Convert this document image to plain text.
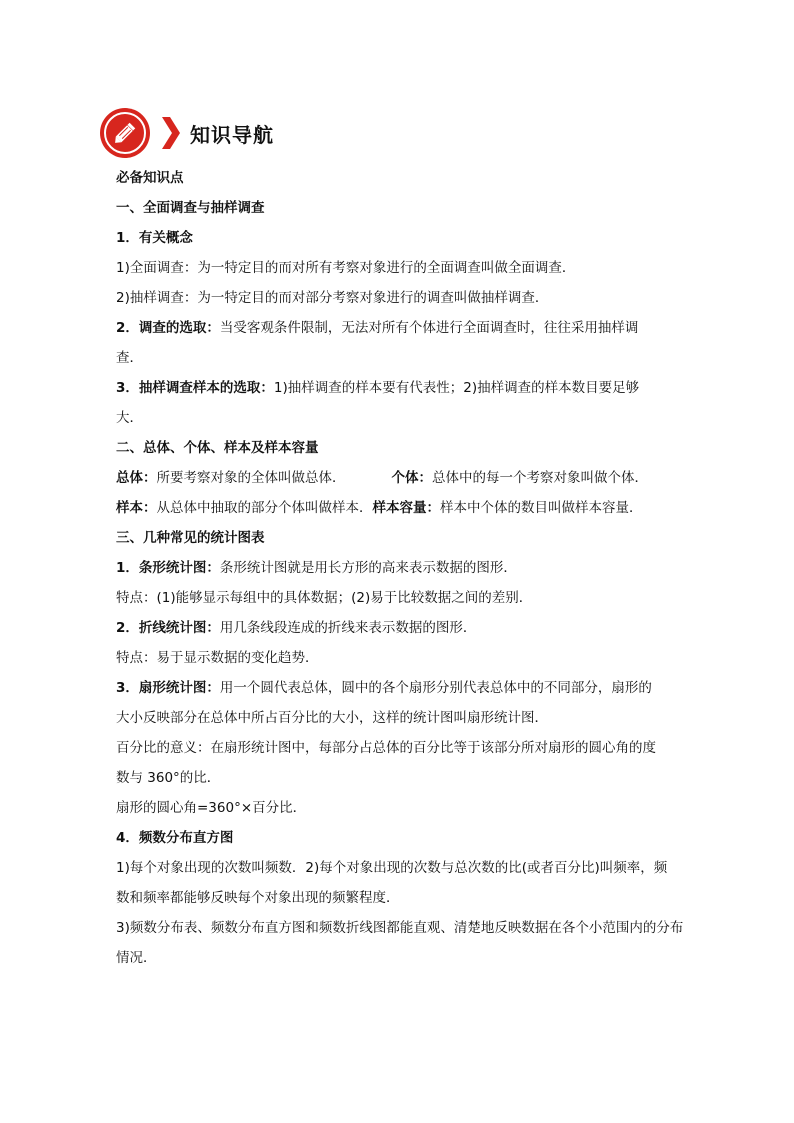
知识导航
必备知识点
一、全面调查与抽样调查
1．有关概念
1)全面调查：为一特定目的而对所有考察对象进行的全面调查叫做全面调查．
2)抽样调查：为一特定目的而对部分考察对象进行的调查叫做抽样调查．
2．调查的选取：当受客观条件限制，无法对所有个体进行全面调查时，往往采用抽样调
查．
3．抽样调查样本的选取：1)抽样调查的样本要有代表性；2)抽样调查的样本数目要足够
大．
二、总体、个体、样本及样本容量
总体：所要考察对象的全体叫做总体．	个体：总体中的每一个考察对象叫做个体．
样本：从总体中抽取的部分个体叫做样本．样本容量：样本中个体的数目叫做样本容量．
三、几种常见的统计图表
1．条形统计图：条形统计图就是用长方形的高来表示数据的图形．
特点：(1)能够显示每组中的具体数据；(2)易于比较数据之间的差别．
2．折线统计图：用几条线段连成的折线来表示数据的图形．
特点：易于显示数据的变化趋势．
3．扇形统计图：用一个圆代表总体，圆中的各个扇形分别代表总体中的不同部分，扇形的
大小反映部分在总体中所占百分比的大小，这样的统计图叫扇形统计图．
百分比的意义：在扇形统计图中，每部分占总体的百分比等于该部分所对扇形的圆心角的度
数与 360°的比．
扇形的圆心角=360°×百分比．
4．频数分布直方图
1)每个对象出现的次数叫频数．2)每个对象出现的次数与总次数的比(或者百分比)叫频率，频
数和频率都能够反映每个对象出现的频繁程度．
3)频数分布表、频数分布直方图和频数折线图都能直观、清楚地反映数据在各个小范围内的分布
情况．
